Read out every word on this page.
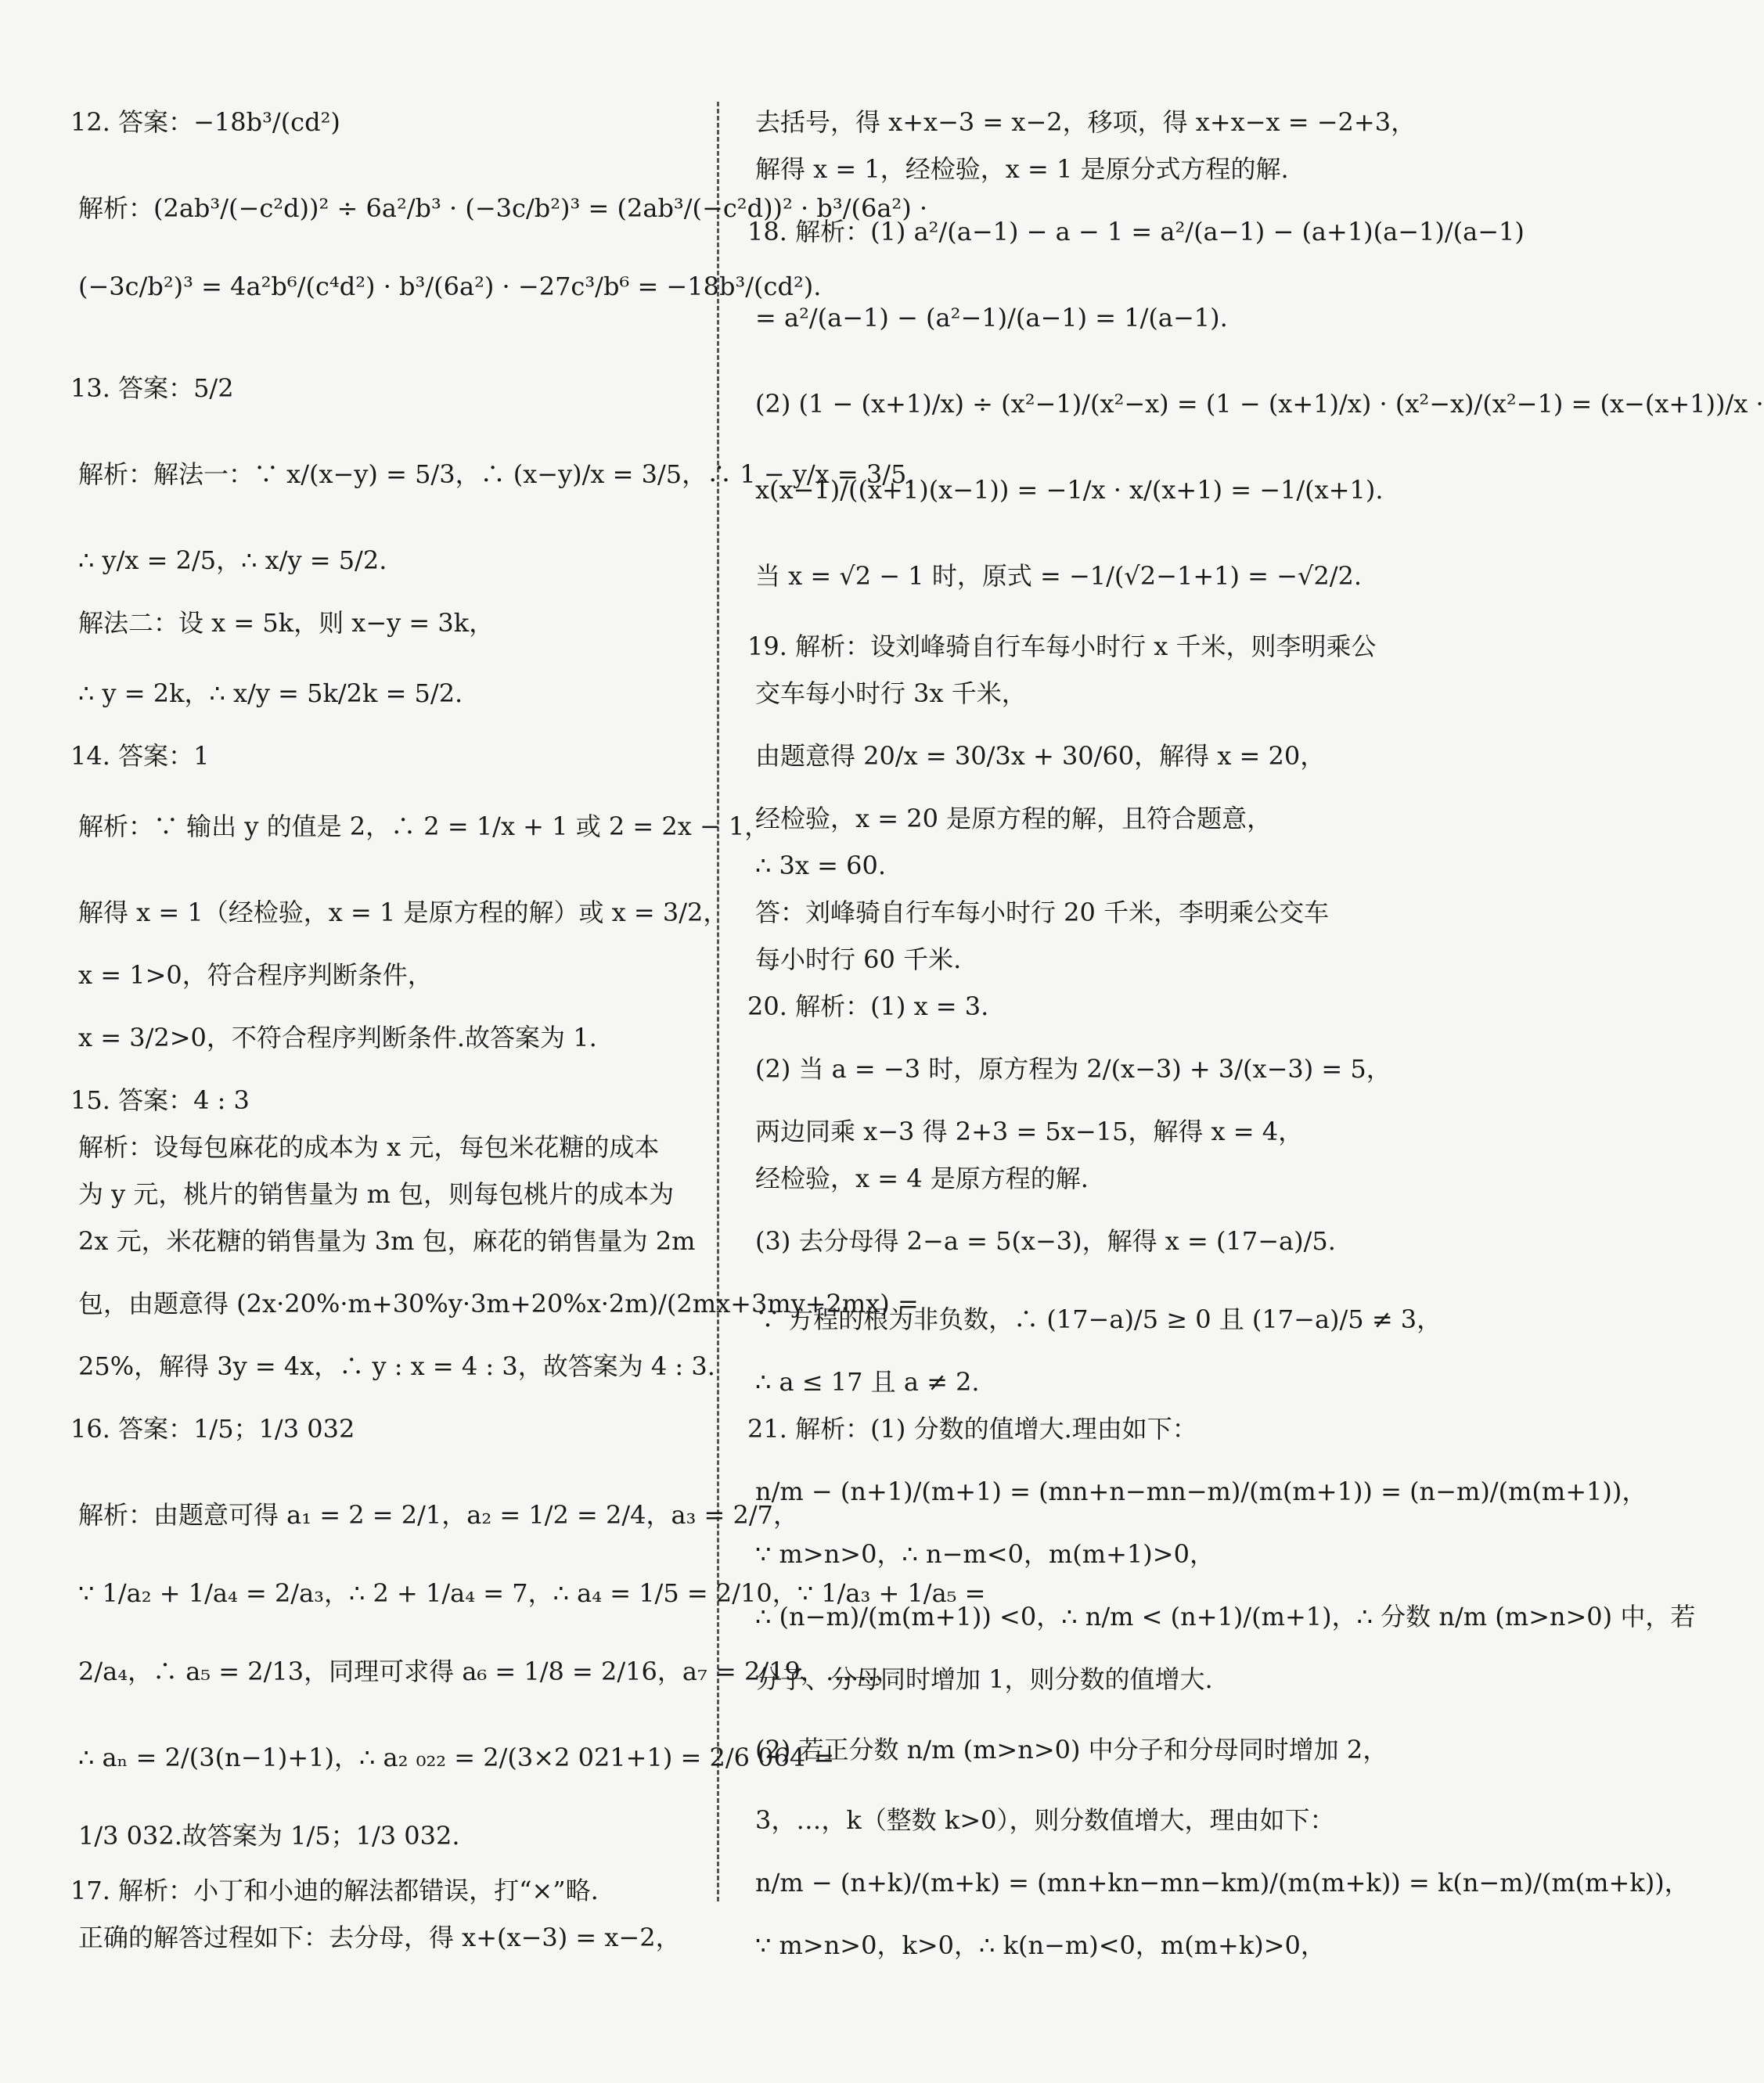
12. 答案：−18b³/(cd²)
解析：(2ab³/(−c²d))² ÷ 6a²/b³ · (−3c/b²)³ = (2ab³/(−c²d))² · b³/(6a²) ·
(−3c/b²)³ = 4a²b⁶/(c⁴d²) · b³/(6a²) · −27c³/b⁶ = −18b³/(cd²).
13. 答案：5/2
解析：解法一：∵ x/(x−y) = 5/3，∴ (x−y)/x = 3/5，∴ 1 − y/x = 3/5，
∴ y/x = 2/5，∴ x/y = 5/2.
解法二：设 x = 5k，则 x−y = 3k，
∴ y = 2k，∴ x/y = 5k/2k = 5/2.
14. 答案：1
解析：∵ 输出 y 的值是 2，∴ 2 = 1/x + 1 或 2 = 2x − 1，
解得 x = 1（经检验，x = 1 是原方程的解）或 x = 3/2，
x = 1>0，符合程序判断条件，
x = 3/2>0，不符合程序判断条件.故答案为 1.
15. 答案：4 : 3
解析：设每包麻花的成本为 x 元，每包米花糖的成本
为 y 元，桃片的销售量为 m 包，则每包桃片的成本为
2x 元，米花糖的销售量为 3m 包，麻花的销售量为 2m
包，由题意得 (2x·20%·m+30%y·3m+20%x·2m)/(2mx+3my+2mx) =
25%，解得 3y = 4x，∴ y : x = 4 : 3，故答案为 4 : 3.
16. 答案：1/5；1/3 032
解析：由题意可得 a₁ = 2 = 2/1，a₂ = 1/2 = 2/4，a₃ = 2/7，
∵ 1/a₂ + 1/a₄ = 2/a₃，∴ 2 + 1/a₄ = 7，∴ a₄ = 1/5 = 2/10，∵ 1/a₃ + 1/a₅ =
2/a₄，∴ a₅ = 2/13，同理可求得 a₆ = 1/8 = 2/16，a₇ = 2/19，……，
∴ aₙ = 2/(3(n−1)+1)，∴ a₂ ₀₂₂ = 2/(3×2 021+1) = 2/6 064 =
1/3 032.故答案为 1/5；1/3 032.
17. 解析：小丁和小迪的解法都错误，打“×”略.
正确的解答过程如下：去分母，得 x+(x−3) = x−2，
去括号，得 x+x−3 = x−2，移项，得 x+x−x = −2+3，
解得 x = 1，经检验，x = 1 是原分式方程的解.
18. 解析：(1) a²/(a−1) − a − 1 = a²/(a−1) − (a+1)(a−1)/(a−1)
= a²/(a−1) − (a²−1)/(a−1) = 1/(a−1).
(2) (1 − (x+1)/x) ÷ (x²−1)/(x²−x) = (1 − (x+1)/x) · (x²−x)/(x²−1) = (x−(x+1))/x ·
x(x−1)/((x+1)(x−1)) = −1/x · x/(x+1) = −1/(x+1).
当 x = √2 − 1 时，原式 = −1/(√2−1+1) = −√2/2.
19. 解析：设刘峰骑自行车每小时行 x 千米，则李明乘公
交车每小时行 3x 千米，
由题意得 20/x = 30/3x + 30/60，解得 x = 20，
经检验，x = 20 是原方程的解，且符合题意，
∴ 3x = 60.
答：刘峰骑自行车每小时行 20 千米，李明乘公交车
每小时行 60 千米.
20. 解析：(1) x = 3.
(2) 当 a = −3 时，原方程为 2/(x−3) + 3/(x−3) = 5，
两边同乘 x−3 得 2+3 = 5x−15，解得 x = 4，
经检验，x = 4 是原方程的解.
(3) 去分母得 2−a = 5(x−3)，解得 x = (17−a)/5.
∵ 方程的根为非负数，∴ (17−a)/5 ≥ 0 且 (17−a)/5 ≠ 3，
∴ a ≤ 17 且 a ≠ 2.
21. 解析：(1) 分数的值增大.理由如下：
n/m − (n+1)/(m+1) = (mn+n−mn−m)/(m(m+1)) = (n−m)/(m(m+1))，
∵ m>n>0，∴ n−m<0，m(m+1)>0，
∴ (n−m)/(m(m+1)) <0，∴ n/m < (n+1)/(m+1)，∴ 分数 n/m (m>n>0) 中，若
分子、分母同时增加 1，则分数的值增大.
(2) 若正分数 n/m (m>n>0) 中分子和分母同时增加 2，
3，…，k（整数 k>0），则分数值增大，理由如下：
n/m − (n+k)/(m+k) = (mn+kn−mn−km)/(m(m+k)) = k(n−m)/(m(m+k))，
∵ m>n>0，k>0，∴ k(n−m)<0，m(m+k)>0，
